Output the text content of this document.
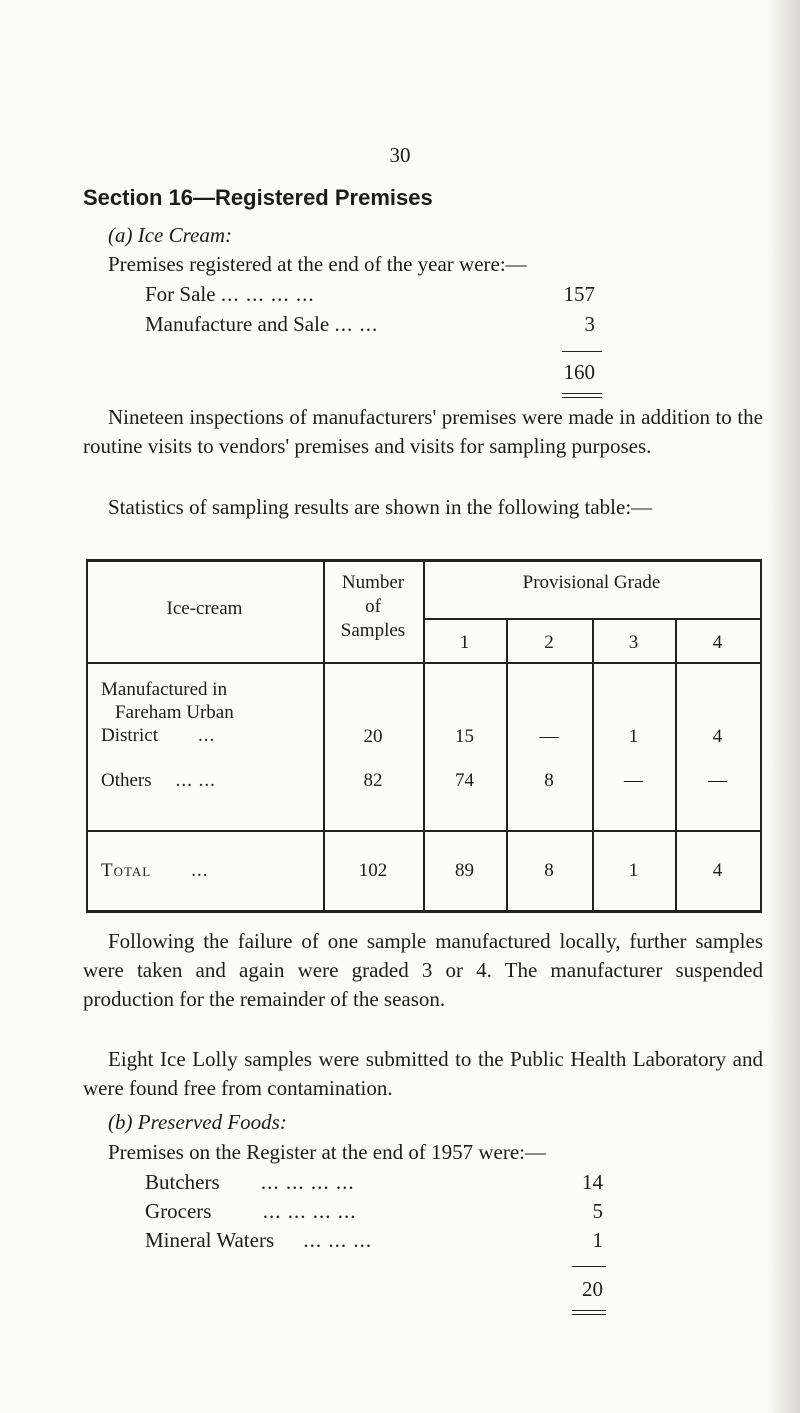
30
Section 16—Registered Premises
(a) Ice Cream:
Premises registered at the end of the year were:—
For Sale ... ... ... ...	157
Manufacture and Sale ... ...	3
160
Nineteen inspections of manufacturers' premises were made in addition to the routine visits to vendors' premises and visits for sampling purposes.
Statistics of sampling results are shown in the following table:—
Ice-cream
Number
of
Samples
Provisional Grade
1	2	3	4
Manufactured in
Fareham Urban
District ...	20	15	—	1	4
Others ... ...	82	74	8	—	—
Total ...	102	89	8	1	4
Following the failure of one sample manufactured locally, further samples were taken and again were graded 3 or 4. The manufacturer suspended production for the remainder of the season.
Eight Ice Lolly samples were submitted to the Public Health Laboratory and were found free from contamination.
(b) Preserved Foods:
Premises on the Register at the end of 1957 were:—
Butchers ... ... ... ...	14
Grocers ... ... ... ...	5
Mineral Waters ... ... ...	1
20
